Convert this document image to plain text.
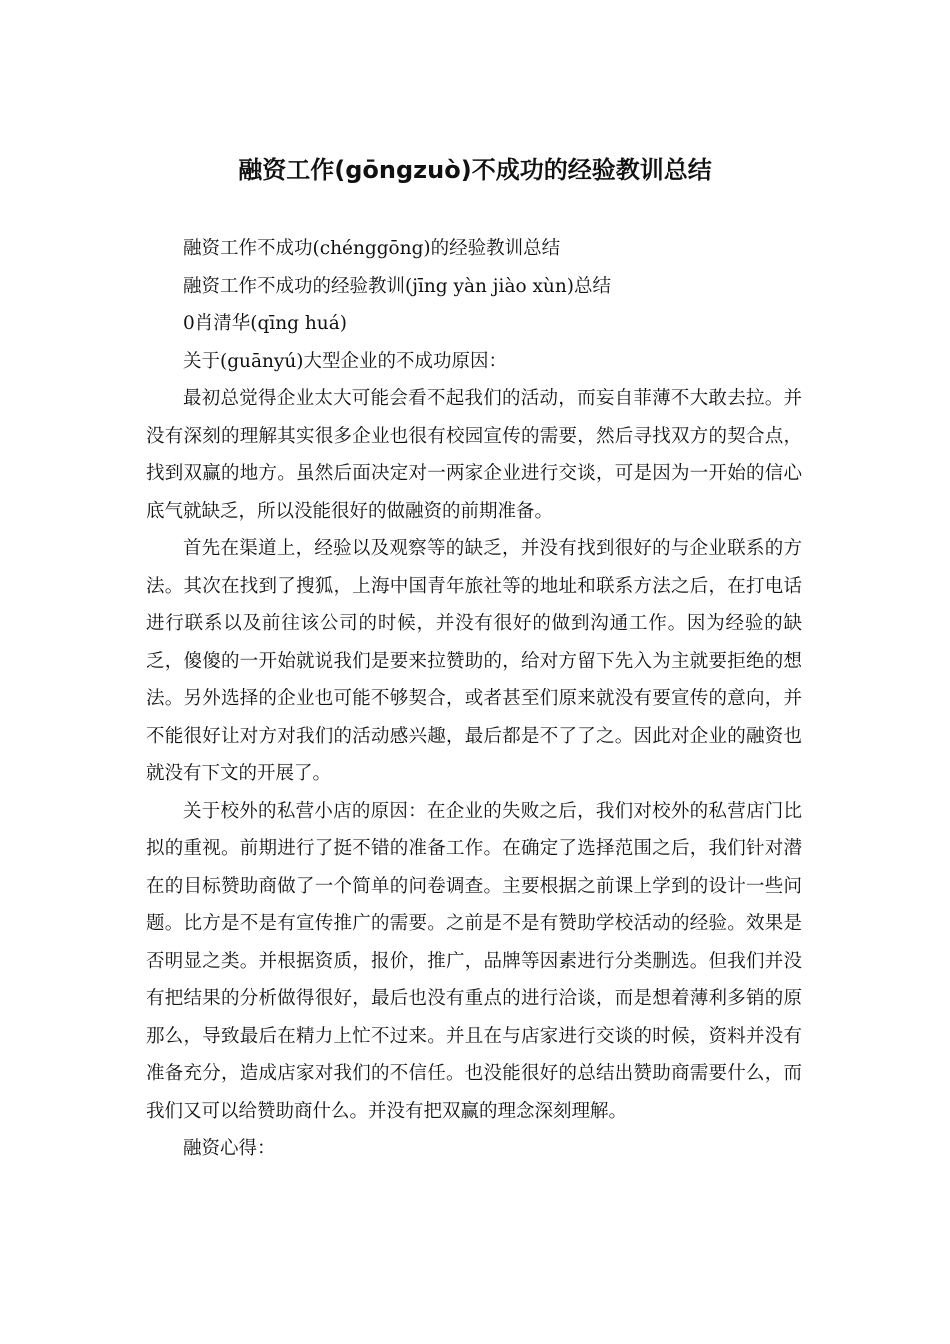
融资工作(gōngzuò)不成功的经验教训总结

融资工作不成功(chénggōng)的经验教训总结

融资工作不成功的经验教训(jīng yàn jiào xùn)总结

0肖清华(qīng huá)

关于(guānyú)大型企业的不成功原因：

最初总觉得企业太大可能会看不起我们的活动，而妄自菲薄不大敢去拉。并没有深刻的理解其实很多企业也很有校园宣传的需要，然后寻找双方的契合点，找到双赢的地方。虽然后面决定对一两家企业进行交谈，可是因为一开始的信心底气就缺乏，所以没能很好的做融资的前期准备。

首先在渠道上，经验以及观察等的缺乏，并没有找到很好的与企业联系的方法。其次在找到了搜狐，上海中国青年旅社等的地址和联系方法之后，在打电话进行联系以及前往该公司的时候，并没有很好的做到沟通工作。因为经验的缺乏，傻傻的一开始就说我们是要来拉赞助的，给对方留下先入为主就要拒绝的想法。另外选择的企业也可能不够契合，或者甚至们原来就没有要宣传的意向，并不能很好让对方对我们的活动感兴趣，最后都是不了了之。因此对企业的融资也就没有下文的开展了。

关于校外的私营小店的原因：在企业的失败之后，我们对校外的私营店门比拟的重视。前期进行了挺不错的准备工作。在确定了选择范围之后，我们针对潜在的目标赞助商做了一个简单的问卷调查。主要根据之前课上学到的设计一些问题。比方是不是有宣传推广的需要。之前是不是有赞助学校活动的经验。效果是否明显之类。并根据资质，报价，推广，品牌等因素进行分类删选。但我们并没有把结果的分析做得很好，最后也没有重点的进行洽谈，而是想着薄利多销的原那么，导致最后在精力上忙不过来。并且在与店家进行交谈的时候，资料并没有准备充分，造成店家对我们的不信任。也没能很好的总结出赞助商需要什么，而我们又可以给赞助商什么。并没有把双赢的理念深刻理解。

融资心得：
